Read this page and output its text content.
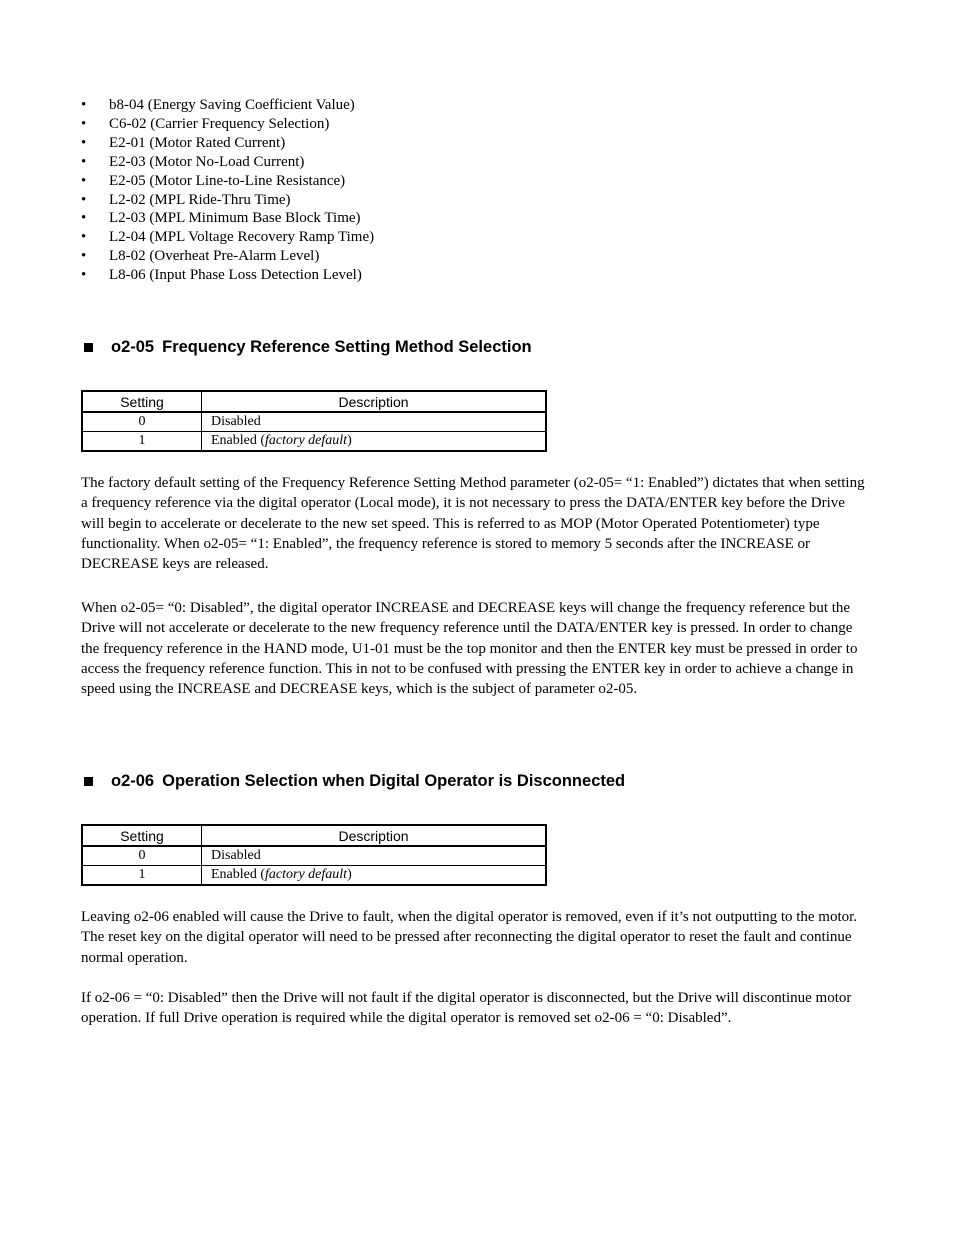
• b8-04 (Energy Saving Coefficient Value)
• C6-02 (Carrier Frequency Selection)
• E2-01 (Motor Rated Current)
• E2-03 (Motor No-Load Current)
• E2-05 (Motor Line-to-Line Resistance)
• L2-02 (MPL Ride-Thru Time)
• L2-03 (MPL Minimum Base Block Time)
• L2-04 (MPL Voltage Recovery Ramp Time)
• L8-02 (Overheat Pre-Alarm Level)
• L8-06 (Input Phase Loss Detection Level)
o2-05 Frequency Reference Setting Method Selection
Setting	Description
0	Disabled
1	Enabled (factory default)

The factory default setting of the Frequency Reference Setting Method parameter (o2-05= “1: Enabled”) dictates that when setting a frequency reference via the digital operator (Local mode), it is not necessary to press the DATA/ENTER key before the Drive will begin to accelerate or decelerate to the new set speed. This is referred to as MOP (Motor Operated Potentiometer) type functionality. When o2-05= “1: Enabled”, the frequency reference is stored to memory 5 seconds after the INCREASE or DECREASE keys are released.

When o2-05= “0: Disabled”, the digital operator INCREASE and DECREASE keys will change the frequency reference but the Drive will not accelerate or decelerate to the new frequency reference until the DATA/ENTER key is pressed. In order to change the frequency reference in the HAND mode, U1-01 must be the top monitor and then the ENTER key must be pressed in order to access the frequency reference function. This in not to be confused with pressing the ENTER key in order to achieve a change in speed using the INCREASE and DECREASE keys, which is the subject of parameter o2-05.

o2-06 Operation Selection when Digital Operator is Disconnected
Setting	Description
0	Disabled
1	Enabled (factory default)

Leaving o2-06 enabled will cause the Drive to fault, when the digital operator is removed, even if it’s not outputting to the motor. The reset key on the digital operator will need to be pressed after reconnecting the digital operator to reset the fault and continue normal operation.

If o2-06 = “0: Disabled” then the Drive will not fault if the digital operator is disconnected, but the Drive will discontinue motor operation. If full Drive operation is required while the digital operator is removed set o2-06 = “0: Disabled”.
